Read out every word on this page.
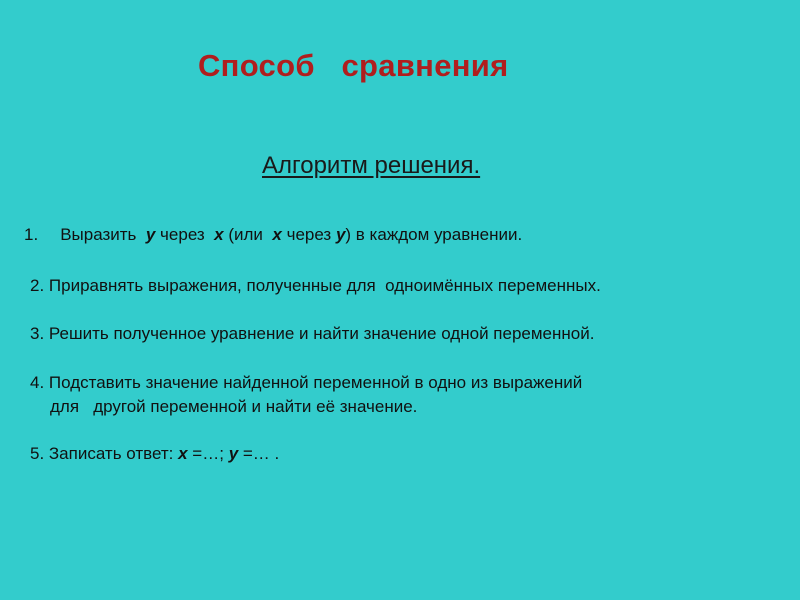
Способ   сравнения
Алгоритм решения.
1. Выразить  y через  x (или  x через y) в каждом уравнении.
2. Приравнять выражения, полученные для  одноимённых переменных.
3. Решить полученное уравнение и найти значение одной переменной.
4. Подставить значение найденной переменной в одно из выражений
для   другой переменной и найти её значение.
5. Записать ответ: x =…; y =… .
